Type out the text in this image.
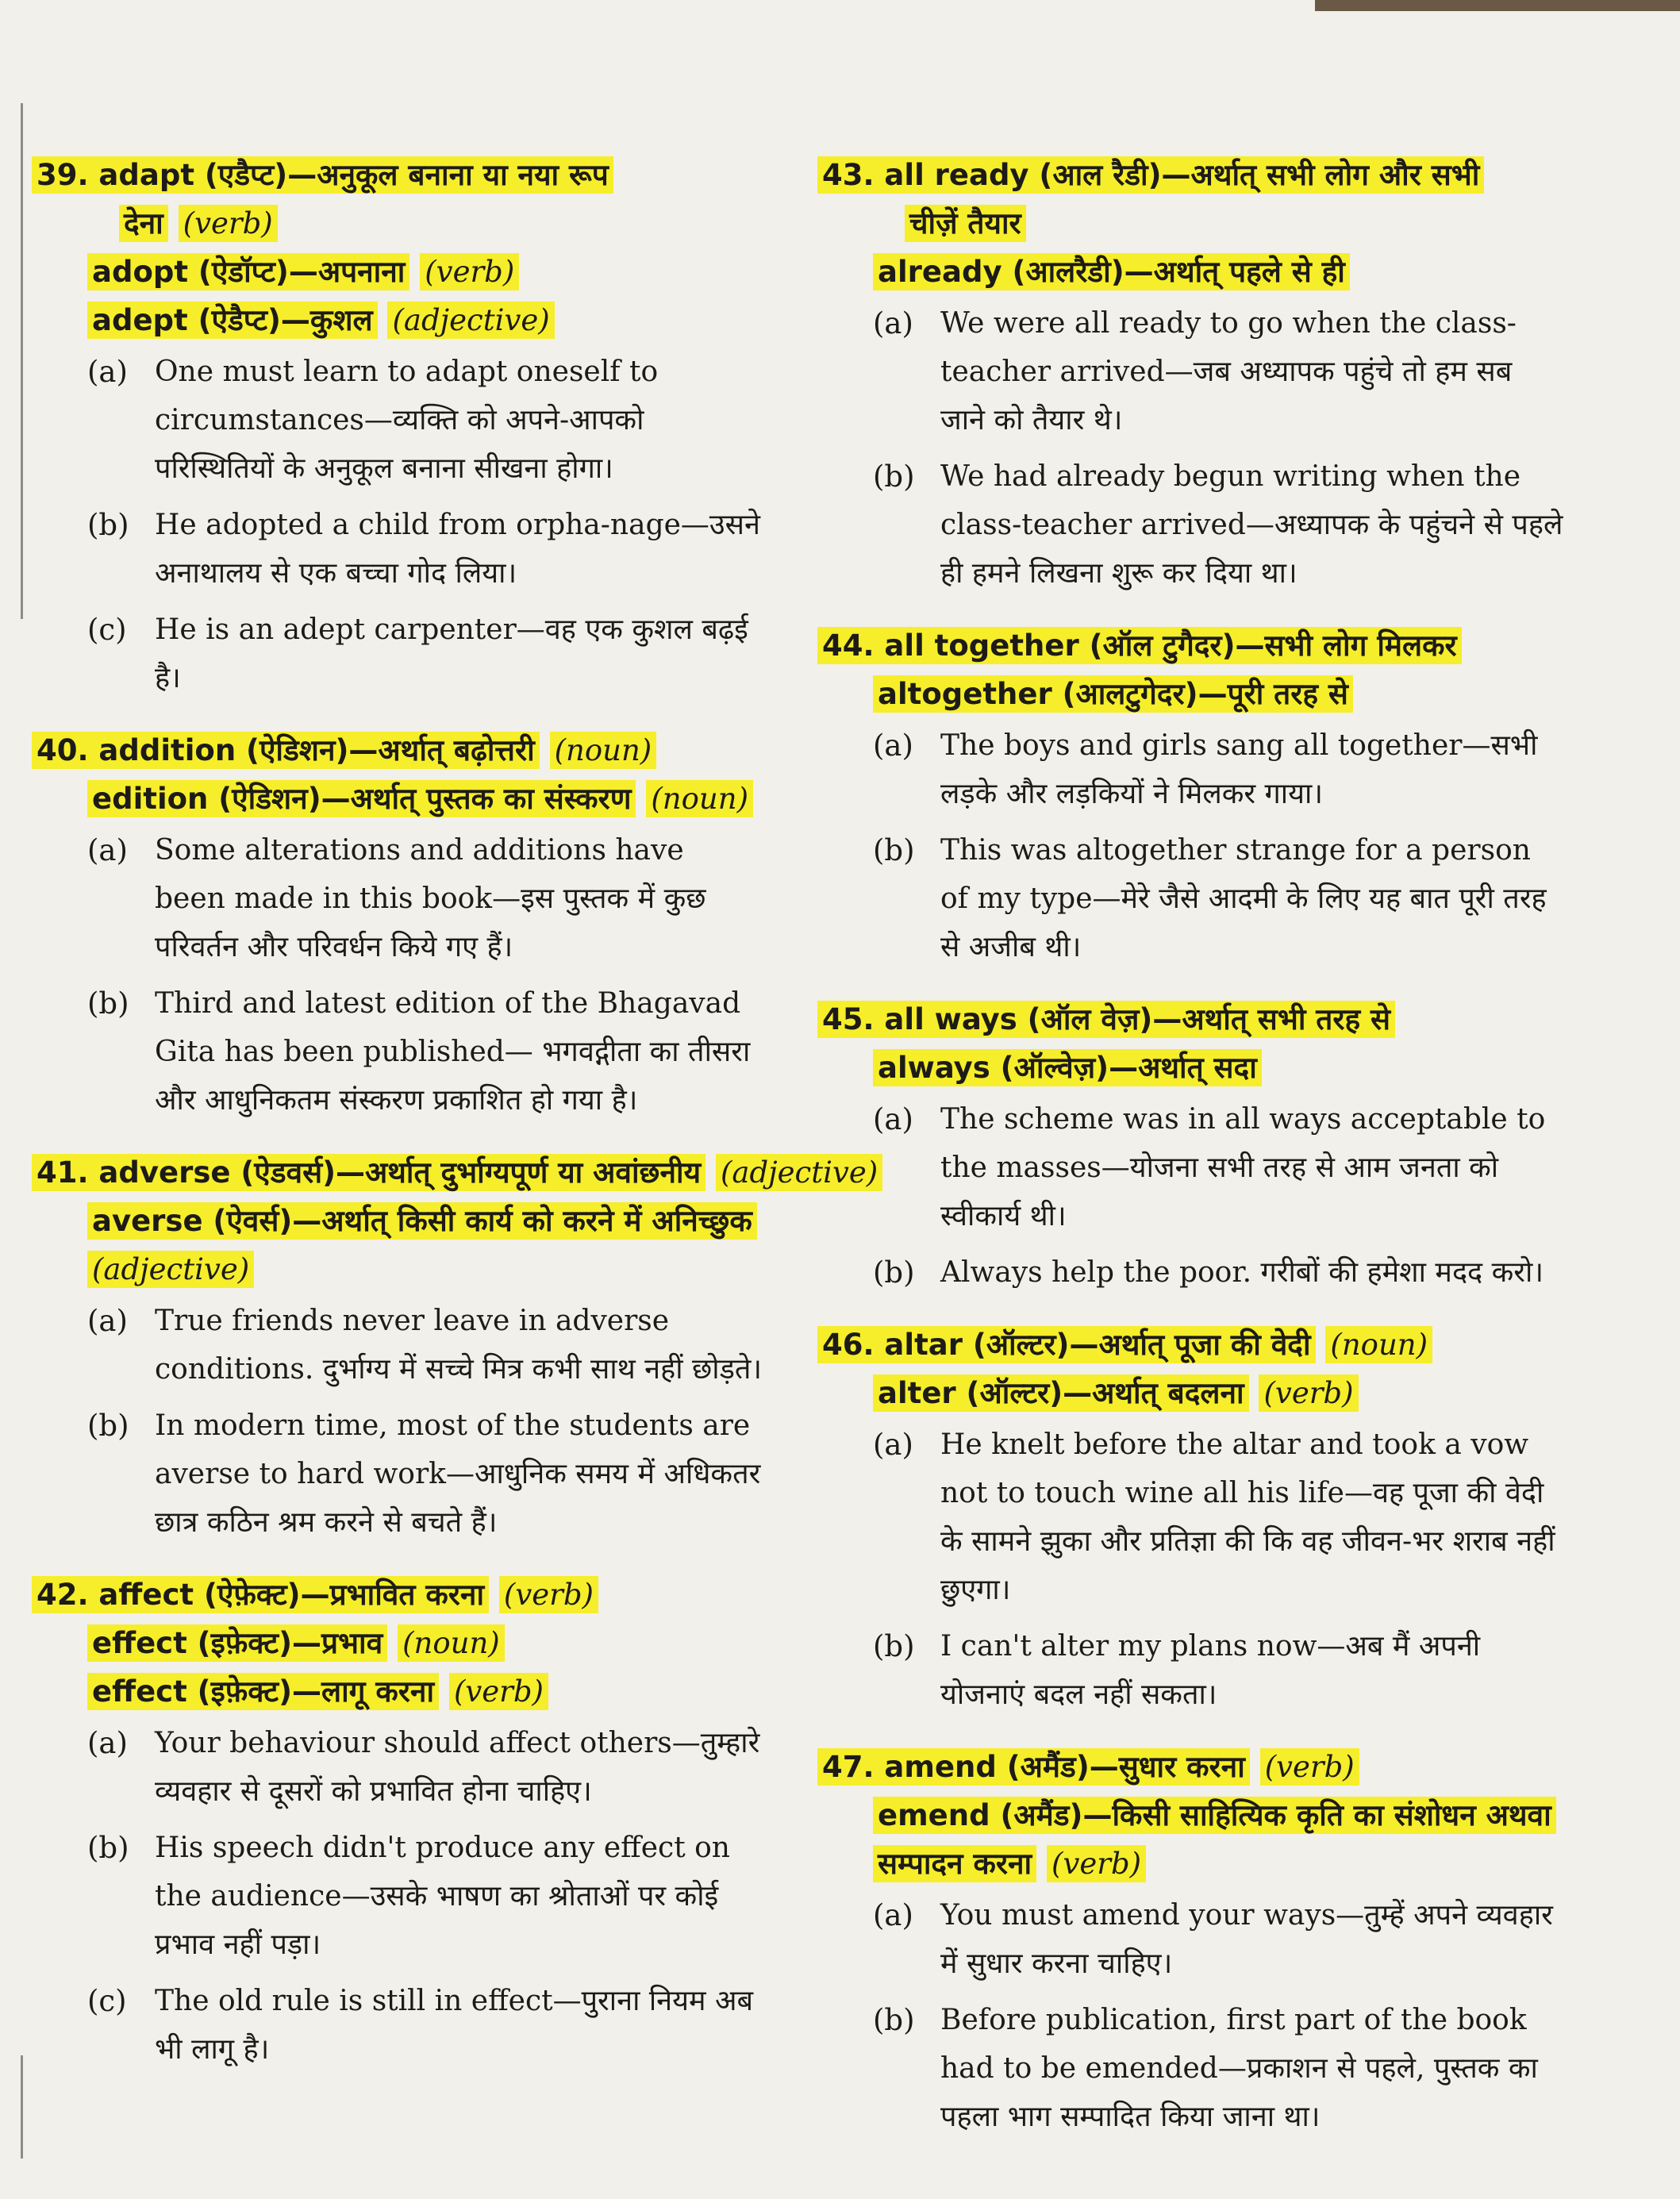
39. adapt (एडैप्ट)—अनुकूल बनाना या नया रूप
देना (verb)
adopt (ऐडॉप्ट)—अपनाना (verb)
adept (ऐडैप्ट)—कुशल (adjective)
(a) One must learn to adapt oneself to circumstances—व्यक्ति को अपने-आपको परिस्थितियों के अनुकूल बनाना सीखना होगा।
(b) He adopted a child from orpha-nage—उसने अनाथालय से एक बच्चा गोद लिया।
(c) He is an adept carpenter—वह एक कुशल बढ़ई है।
40. addition (ऐडिशन)—अर्थात् बढ़ोत्तरी (noun)
edition (ऐडिशन)—अर्थात् पुस्तक का संस्करण (noun)
(a) Some alterations and additions have been made in this book—इस पुस्तक में कुछ परिवर्तन और परिवर्धन किये गए हैं।
(b) Third and latest edition of the Bhagavad Gita has been published— भगवद्गीता का तीसरा और आधुनिकतम संस्करण प्रकाशित हो गया है।
41. adverse (ऐडवर्स)—अर्थात् दुर्भाग्यपूर्ण या अवांछनीय (adjective)
averse (ऐवर्स)—अर्थात् किसी कार्य को करने में अनिच्छुक (adjective)
(a) True friends never leave in adverse conditions. दुर्भाग्य में सच्चे मित्र कभी साथ नहीं छोड़ते।
(b) In modern time, most of the students are averse to hard work—आधुनिक समय में अधिकतर छात्र कठिन श्रम करने से बचते हैं।
42. affect (ऐफ़ेक्ट)—प्रभावित करना (verb)
effect (इफ़ेक्ट)—प्रभाव (noun)
effect (इफ़ेक्ट)—लागू करना (verb)
(a) Your behaviour should affect others—तुम्हारे व्यवहार से दूसरों को प्रभावित होना चाहिए।
(b) His speech didn't produce any effect on the audience—उसके भाषण का श्रोताओं पर कोई प्रभाव नहीं पड़ा।
(c) The old rule is still in effect—पुराना नियम अब भी लागू है।
43. all ready (आल रैडी)—अर्थात् सभी लोग और सभी
चीज़ें तैयार
already (आलरैडी)—अर्थात् पहले से ही
(a) We were all ready to go when the class-teacher arrived—जब अध्यापक पहुंचे तो हम सब जाने को तैयार थे।
(b) We had already begun writing when the class-teacher arrived—अध्यापक के पहुंचने से पहले ही हमने लिखना शुरू कर दिया था।
44. all together (ऑल टुगैदर)—सभी लोग मिलकर
altogether (आलटुगेदर)—पूरी तरह से
(a) The boys and girls sang all together—सभी लड़के और लड़कियों ने मिलकर गाया।
(b) This was altogether strange for a person of my type—मेरे जैसे आदमी के लिए यह बात पूरी तरह से अजीब थी।
45. all ways (ऑल वेज़)—अर्थात् सभी तरह से
always (ऑल्वेज़)—अर्थात् सदा
(a) The scheme was in all ways acceptable to the masses—योजना सभी तरह से आम जनता को स्वीकार्य थी।
(b) Always help the poor. गरीबों की हमेशा मदद करो।
46. altar (ऑल्टर)—अर्थात् पूजा की वेदी (noun)
alter (ऑल्टर)—अर्थात् बदलना (verb)
(a) He knelt before the altar and took a vow not to touch wine all his life—वह पूजा की वेदी के सामने झुका और प्रतिज्ञा की कि वह जीवन-भर शराब नहीं छुएगा।
(b) I can't alter my plans now—अब मैं अपनी योजनाएं बदल नहीं सकता।
47. amend (अमैंड)—सुधार करना (verb)
emend (अमैंड)—किसी साहित्यिक कृति का संशोधन अथवा सम्पादन करना (verb)
(a) You must amend your ways—तुम्हें अपने व्यवहार में सुधार करना चाहिए।
(b) Before publication, first part of the book had to be emended—प्रकाशन से पहले, पुस्तक का पहला भाग सम्पादित किया जाना था।
